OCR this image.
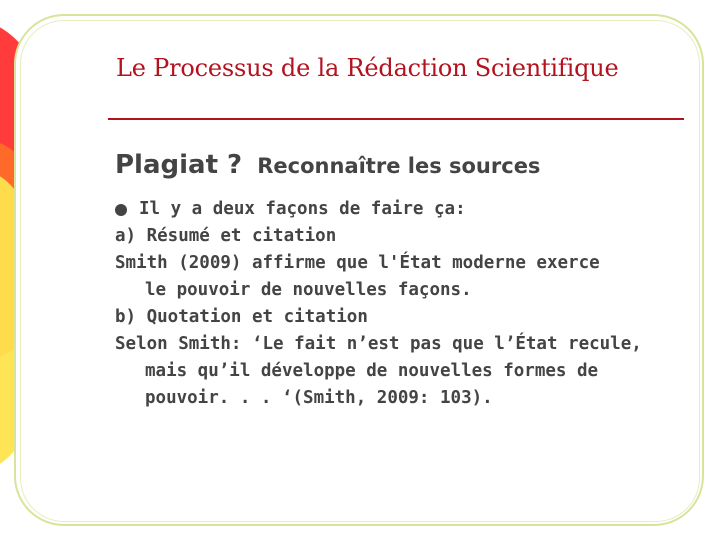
Le Processus de la Rédaction Scientifique
Plagiat ? Reconnaître les sources
Il y a deux façons de faire ça:
a) Résumé et citation
Smith (2009) affirme que l'État moderne exerce
le pouvoir de nouvelles façons.
b) Quotation et citation
Selon Smith: ‘Le fait n’est pas que l’État recule,
mais qu’il développe de nouvelles formes de
pouvoir. . . ‘(Smith, 2009: 103).
